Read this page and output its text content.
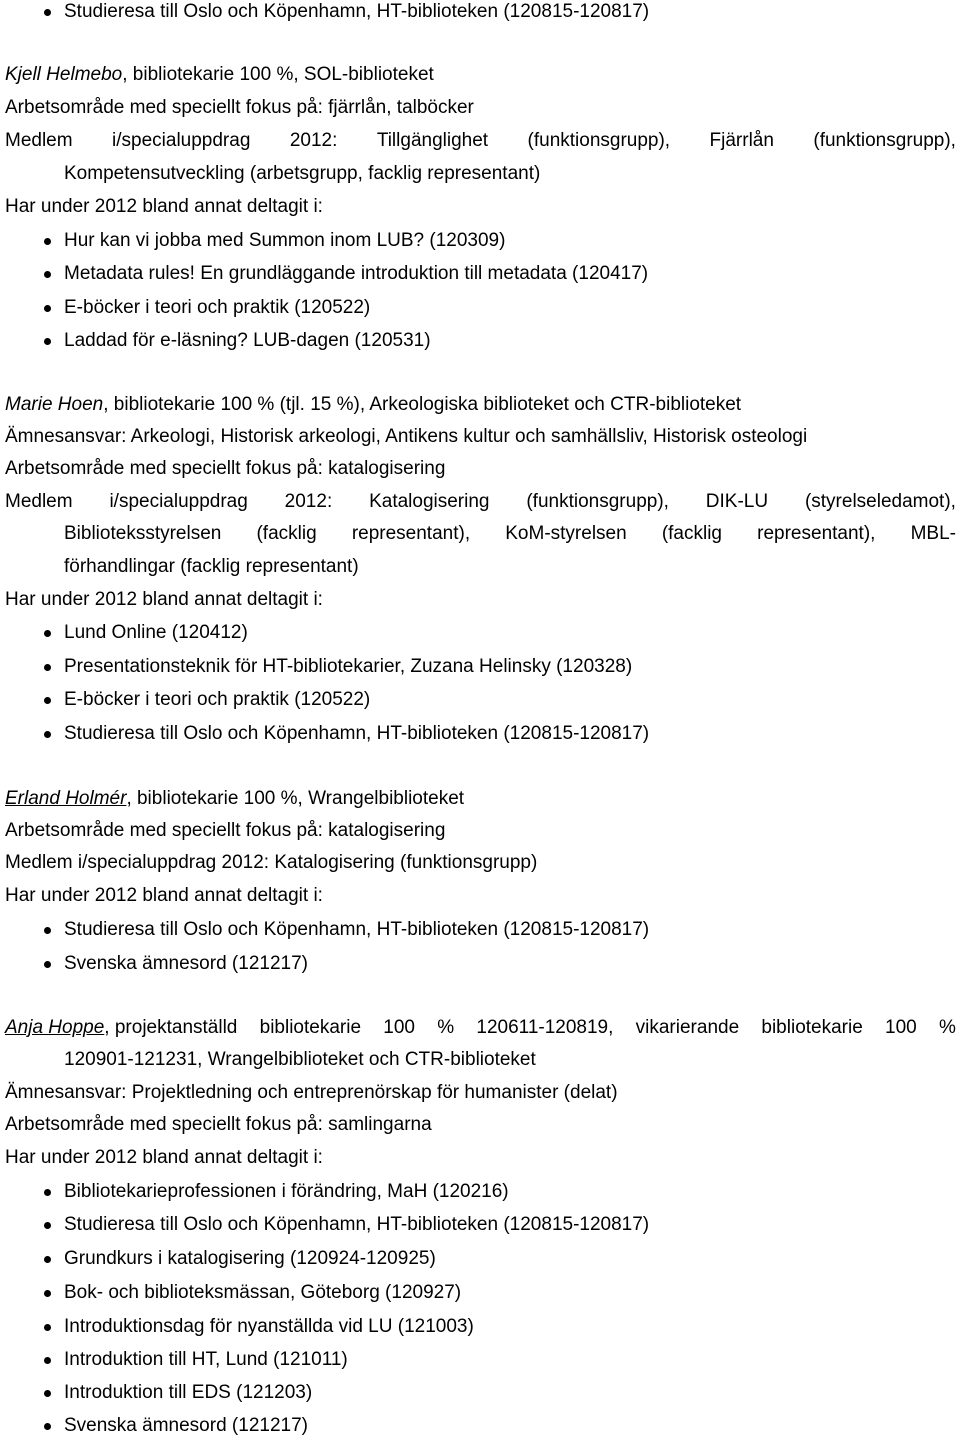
Studieresa till Oslo och Köpenhamn, HT-biblioteken (120815-120817)
Kjell Helmebo, bibliotekarie 100 %, SOL-biblioteket
Arbetsområde med speciellt fokus på: fjärrlån, talböcker
Medlem i/specialuppdrag 2012: Tillgänglighet (funktionsgrupp), Fjärrlån (funktionsgrupp),
Kompetensutveckling (arbetsgrupp, facklig representant)
Har under 2012 bland annat deltagit i:
Hur kan vi jobba med Summon inom LUB? (120309)
Metadata rules! En grundläggande introduktion till metadata (120417)
E-böcker i teori och praktik (120522)
Laddad för e-läsning? LUB-dagen (120531)
Marie Hoen, bibliotekarie 100 % (tjl. 15 %), Arkeologiska biblioteket och CTR-biblioteket
Ämnesansvar: Arkeologi, Historisk arkeologi, Antikens kultur och samhällsliv, Historisk osteologi
Arbetsområde med speciellt fokus på: katalogisering
Medlem i/specialuppdrag 2012: Katalogisering (funktionsgrupp), DIK-LU (styrelseledamot),
Biblioteksstyrelsen (facklig representant), KoM-styrelsen (facklig representant), MBL-
förhandlingar (facklig representant)
Har under 2012 bland annat deltagit i:
Lund Online (120412)
Presentationsteknik för HT-bibliotekarier, Zuzana Helinsky (120328)
E-böcker i teori och praktik (120522)
Studieresa till Oslo och Köpenhamn, HT-biblioteken (120815-120817)
Erland Holmér, bibliotekarie 100 %, Wrangelbiblioteket
Arbetsområde med speciellt fokus på: katalogisering
Medlem i/specialuppdrag 2012: Katalogisering (funktionsgrupp)
Har under 2012 bland annat deltagit i:
Studieresa till Oslo och Köpenhamn, HT-biblioteken (120815-120817)
Svenska ämnesord (121217)
Anja Hoppe, projektanställd bibliotekarie 100 % 120611-120819, vikarierande bibliotekarie 100 %
120901-121231, Wrangelbiblioteket och CTR-biblioteket
Ämnesansvar: Projektledning och entreprenörskap för humanister (delat)
Arbetsområde med speciellt fokus på: samlingarna
Har under 2012 bland annat deltagit i:
Bibliotekarieprofessionen i förändring, MaH (120216)
Studieresa till Oslo och Köpenhamn, HT-biblioteken (120815-120817)
Grundkurs i katalogisering (120924-120925)
Bok- och biblioteksmässan, Göteborg (120927)
Introduktionsdag för nyanställda vid LU (121003)
Introduktion till HT, Lund (121011)
Introduktion till EDS (121203)
Svenska ämnesord (121217)
